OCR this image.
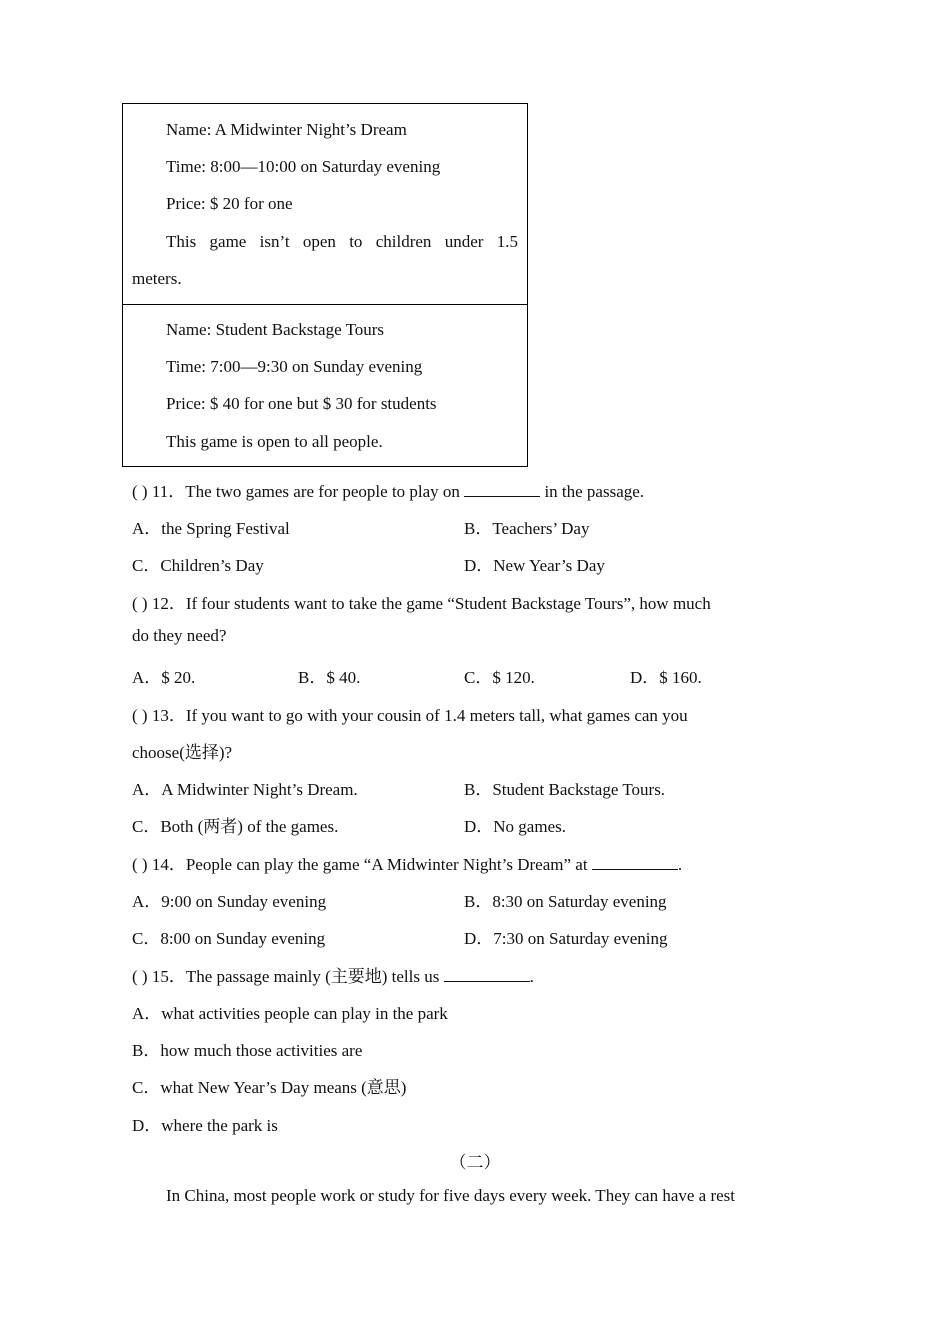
Name: A Midwinter Night’s Dream
Time: 8:00—10:00 on Saturday evening
Price: $ 20 for one
This game isn’t open to children under 1.5
meters.
Name: Student Backstage Tours
Time: 7:00—9:30 on Sunday evening
Price: $ 40 for one but $ 30 for students
This game is open to all people.
( ) 11．The two games are for people to play on	in the passage.
A．the Spring Festival	B．Teachers’ Day
C．Children’s Day	D．New Year’s Day
( ) 12．If four students want to take the game “Student Backstage Tours”, how much
do they need?
A．$ 20.	B．$ 40.	C．$ 120.	D．$ 160.
( ) 13．If you want to go with your cousin of 1.4 meters tall, what games can you
choose(选择)?
A．A Midwinter Night’s Dream.	B．Student Backstage Tours.
C．Both (两者) of the games.	D．No games.
( ) 14．People can play the game “A Midwinter Night’s Dream” at	.
A．9:00 on Sunday evening	B．8:30 on Saturday evening
C．8:00 on Sunday evening	D．7:30 on Saturday evening
( ) 15．The passage mainly (主要地) tells us	.
A．what activities people can play in the park
B．how much those activities are
C．what New Year’s Day means (意思)
D．where the park is
（二）
In China, most people work or study for five days every week. They can have a rest
